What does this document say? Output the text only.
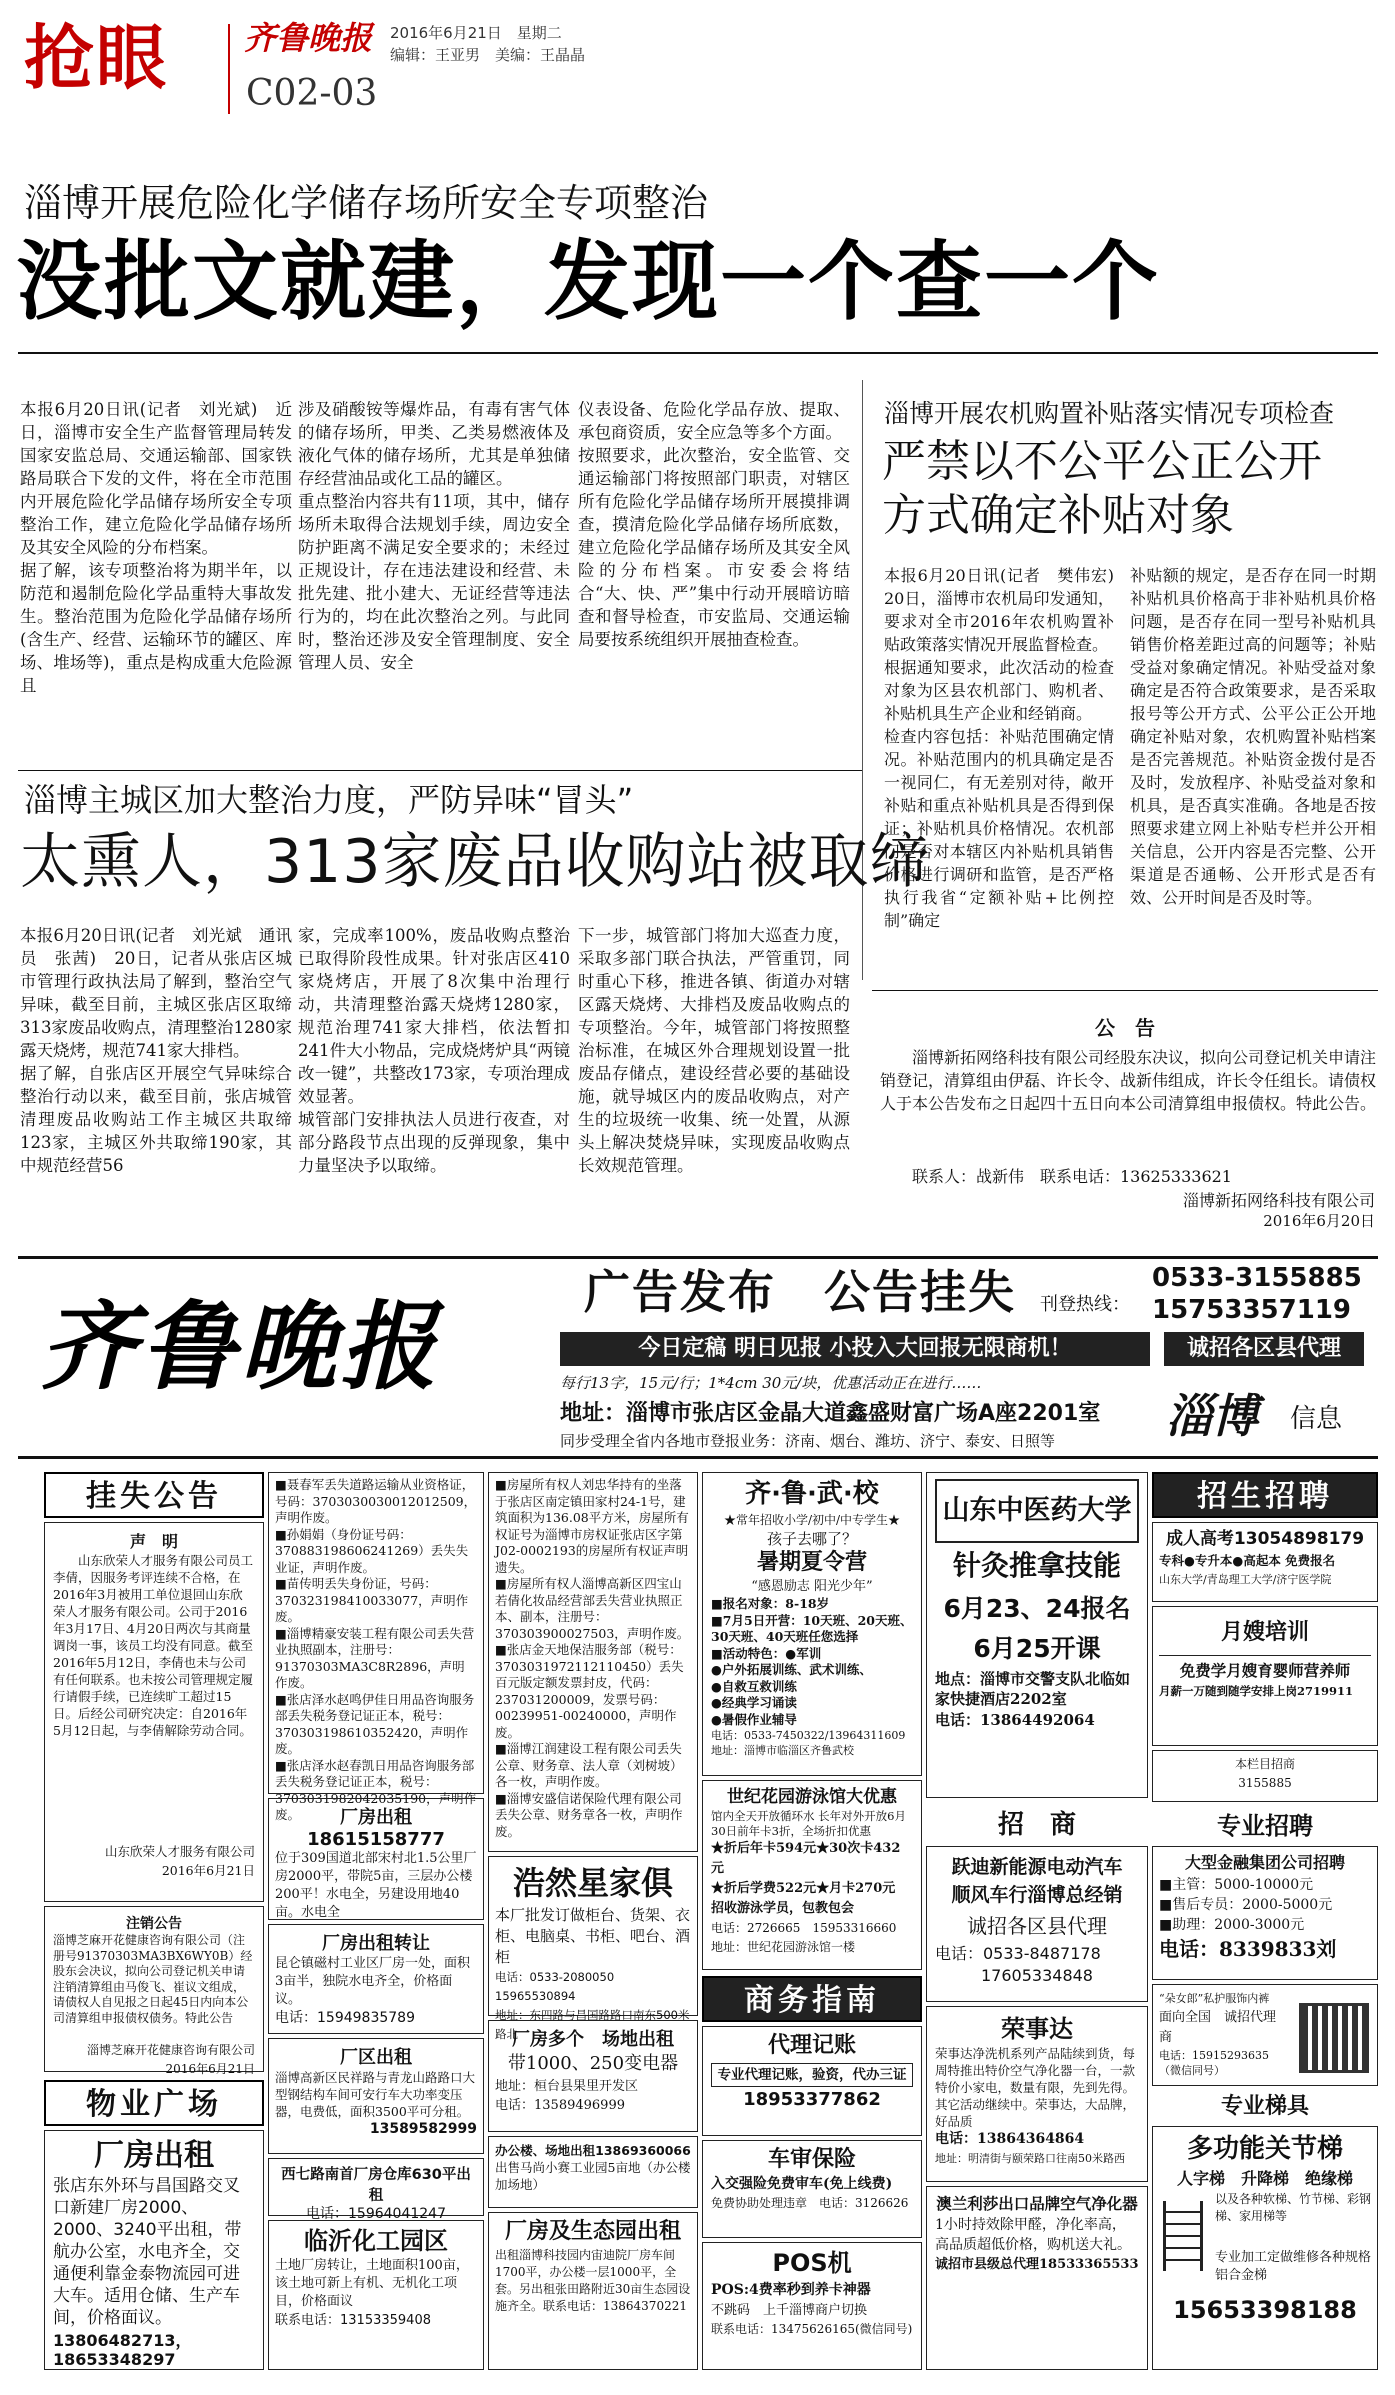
抢眼 齐鲁晚报 2016年6月21日　星期二
编辑：王亚男　美编：王晶晶
C02-03
淄博开展危险化学储存场所安全专项整治
没批文就建，发现一个查一个
本报6月20日讯(记者　刘光斌)　近日，淄博市安全生产监督管理局转发国家安监总局、交通运输部、国家铁路局联合下发的文件，将在全市范围内开展危险化学品储存场所安全专项整治工作，建立危险化学品储存场所及其安全风险的分布档案。
据了解，该专项整治将为期半年，以防范和遏制危险化学品重特大事故发生。整治范围为危险化学品储存场所(含生产、经营、运输环节的罐区、库场、堆场等)，重点是构成重大危险源且
涉及硝酸铵等爆炸品，有毒有害气体的储存场所，甲类、乙类易燃液体及液化气体的储存场所，尤其是单独储存经营油品或化工品的罐区。
重点整治内容共有11项，其中，储存场所未取得合法规划手续，周边安全防护距离不满足安全要求的；未经过正规设计，存在违法建设和经营、未批先建、批小建大、无证经营等违法行为的，均在此次整治之列。与此同时，整治还涉及安全管理制度、安全管理人员、安全
仪表设备、危险化学品存放、提取、承包商资质，安全应急等多个方面。
按照要求，此次整治，安全监管、交通运输部门将按照部门职责，对辖区所有危险化学品储存场所开展摸排调查，摸清危险化学品储存场所底数，建立危险化学品储存场所及其安全风险的分布档案。市安委会将结合“大、快、严”集中行动开展暗访暗查和督导检查，市安监局、交通运输局要按系统组织开展抽查检查。
淄博开展农机购置补贴落实情况专项检查
严禁以不公平公正公开
方式确定补贴对象
本报6月20日讯(记者　樊伟宏)　20日，淄博市农机局印发通知，要求对全市2016年农机购置补贴政策落实情况开展监督检查。
根据通知要求，此次活动的检查对象为区县农机部门、购机者、补贴机具生产企业和经销商。
检查内容包括：补贴范围确定情况。补贴范围内的机具确定是否一视同仁，有无差别对待，敞开补贴和重点补贴机具是否得到保证；补贴机具价格情况。农机部门是否对本辖区内补贴机具销售价格进行调研和监管，是否严格执行我省“定额补贴+比例控制”确定
补贴额的规定，是否存在同一时期补贴机具价格高于非补贴机具价格问题，是否存在同一型号补贴机具销售价格差距过高的问题等；补贴受益对象确定情况。补贴受益对象确定是否符合政策要求，是否采取报号等公开方式、公平公正公开地确定补贴对象，农机购置补贴档案是否完善规范。补贴资金拨付是否及时，发放程序、补贴受益对象和机具，是否真实准确。各地是否按照要求建立网上补贴专栏并公开相关信息，公开内容是否完整、公开渠道是否通畅、公开形式是否有效、公开时间是否及时等。
淄博主城区加大整治力度，严防异味“冒头”
太熏人，313家废品收购站被取缔
本报6月20日讯(记者　刘光斌　通讯员　张茜)　20日，记者从张店区城市管理行政执法局了解到，整治空气异味，截至目前，主城区张店区取缔313家废品收购点，清理整治1280家露天烧烤，规范741家大排档。
据了解，自张店区开展空气异味综合整治行动以来，截至目前，张店城管清理废品收购站工作主城区共取缔123家，主城区外共取缔190家，其中规范经营56
家，完成率100%，废品收购点整治已取得阶段性成果。针对张店区410家烧烤店，开展了8次集中治理行动，共清理整治露天烧烤1280家，规范治理741家大排档，依法暂扣241件大小物品，完成烧烤炉具“两镜改一键”，共整改173家，专项治理成效显著。
城管部门安排执法人员进行夜查，对部分路段节点出现的反弹现象，集中力量坚决予以取缔。
下一步，城管部门将加大巡查力度，采取多部门联合执法，严管重罚，同时重心下移，推进各镇、街道办对辖区露天烧烤、大排档及废品收购点的专项整治。今年，城管部门将按照整治标准，在城区外合理规划设置一批废品存储点，建设经营必要的基础设施，就导城区内的废品收购点，对产生的垃圾统一收集、统一处置，从源头上解决焚烧异味，实现废品收购点长效规范管理。
公　告
淄博新拓网络科技有限公司经股东决议，拟向公司登记机关申请注销登记，清算组由伊磊、许长令、战新伟组成，许长令任组长。请债权人于本公告发布之日起四十五日向本公司清算组申报债权。特此公告。
联系人：战新伟　联系电话：13625333621
淄博新拓网络科技有限公司
2016年6月20日
齐鲁晚报	广告发布　公告挂失 刊登热线：
0533-3155885
15753357119
今日定稿 明日见报 小投入大回报无限商机！	诚招各区县代理
每行13字，15元/行；1*4cm 30元/块，优惠活动正在进行……
地址：淄博市张店区金晶大道鑫盛财富广场A座2201室
同步受理全省内各地市登报业务：济南、烟台、潍坊、济宁、泰安、日照等 淄博 信息
挂失公告
声　明
山东欣荣人才服务有限公司员工李倩，因服务考评连续不合格，在2016年3月被用工单位退回山东欣荣人才服务有限公司。公司于2016年3月17日、4月20日两次与其商量调岗一事，该员工均没有同意。截至2016年5月12日，李倩也未与公司有任何联系。也未按公司管理规定履行请假手续，已连续旷工超过15日。后经公司研究决定：自2016年5月12日起，与李倩解除劳动合同。
山东欣荣人才服务有限公司
2016年6月21日
注销公告
淄博芝麻开花健康咨询有限公司（注册号91370303MA3BX6WY0B）经股东会决议，拟向公司登记机关申请注销清算组由马俊飞、崔议文组成，请债权人自见报之日起45日内向本公司清算组申报债权债务。特此公告
淄博芝麻开花健康咨询有限公司
2016年6月21日
物业广场
厂房出租
张店东外环与昌国路交叉口新建厂房2000、2000、3240平出租，带航办公室，水电齐全，交通便利靠金泰物流园可进大车。适用仓储、生产车间，价格面议。
13806482713，18653348297
■聂春军丢失道路运输从业资格证，号码：370303003001201250​9，声明作废。
■孙娟娟（身份证号码：370883198606241269）丢失失业证，声明作废。
■苗传明丢失身份证，号码：370323198410033077，声明作废。
■淄博精豪安装工程有限公司丢失营业执照副本，注册号：91370303MA3C8R2896，声明作废。
■张店泽水赵鸣伊佳日用品咨询服务部丢失税务登记证正本，税号：370303198610352420，声明作废。
■张店泽水赵春凯日用品咨询服务部丢失税务登记证正本，税号：370303198204203519​0，声明作废。	厂房出租 18615158777
位于309国道北部宋村北1.5公里厂房2000平，带院5亩，三层办公楼200平！水电全，另建设用地40亩。水电全
厂房出租转让
昆仑镇磁村工业区厂房一处，面积3亩半，独院水电齐全，价格面议。
电话：15949835789
厂区出租
淄博高新区民祥路与青龙山路路口大型钢结构车间可安行车大功率变压器，电费低，面积3500平可分租。
13589582999
西七路南首厂房仓库630平出租
电话：15964041247
临沂化工园区
土地厂房转让，土地面积100亩，该土地可新上有机、无机化工项目，价格面议
联系电话：13153359408
■房屋所有权人刘忠华持有的坐落于张店区南定镇田家村24-1号，建筑面积为136.08平方米，房屋所有权证号为淄博市房权证张店区字第J02-0002193的房屋所有权证声明遗失。
■房屋所有权人淄博高新区四宝山若倩化妆品经营部丢失营业执照正本、副本，注册号：370303900027503，声明作废。
■张店金天地保洁服务部（税号：370303197211211045​0）丢失百元版定额发票封皮，代码：237031200009，发票号码：00239951-00240000，声明作废。
■淄博江润建设工程有限公司丢失公章、财务章、法人章（刘树坡）各一枚，声明作废。
■淄博安盛信诺保险代理有限公司丢失公章、财务章各一枚，声明作废。
浩然星家俱
本厂批发订做柜台、货架、衣柜、电脑桌、书柜、吧台、酒柜
电话：0533-2080050　15965530894
地址：东四路与昌国路路口南东500米路北
厂房多个　场地出租
带1000、250变电器
地址：桓台县果里开发区
电话：13589496999
办公楼、场地出租13869360066
出售马尚小赛工业园5亩地（办公楼加场地）
厂房及生态园出租
出租淄博科技园内宙迪院厂房车间1700平，办公楼一层1000平，全套。另出租张田路附近30亩生态园设施齐全。联系电话：13864370221
齐·鲁·武·校
★常年招收小学/初中/中专学生★
孩子去哪了？
暑期夏令营
“感恩励志 阳光少年”
■报名对象：8-18岁
■7月5日开营：10天班、20天班、30天班、40天班任您选择
■活动特色：●军训
●户外拓展训练、武术训练、
●自救互救训练
●经典学习诵读
●暑假作业辅导
电话：0533-7450322/13964311609
地址：淄博市临淄区齐鲁武校
世纪花园游泳馆大优惠
馆内全天开放循环水 长年对外开放6月30日前年卡3折，全场折扣优惠
★折后年卡594元★30次卡432元
★折后学费522元★月卡270元
招收游泳学员，包教包会
电话：2726665　15953316660
地址：世纪花园游泳馆一楼
商务指南
代理记账
专业代理记账，验资，代办三证
18953377862
车审保险
入交强险免费审车(免上线费)
免费协助处理违章　电话：3126626
POS机
POS:4费率秒到养卡神器
不跳码　上千淄博商户切换
联系电话：13475626165(微信同号)
山东中医药大学
针灸推拿技能
6月23、24报名
6月25开课
地点：淄博市交警支队北临如家快捷酒店2202室
电话：13864492064
招　商
跃迪新能源电动汽车
顺风车行淄博总经销
诚招各区县代理
电话：0533-8487178
17605334848
荣事达
荣事达净洗机系列产品陆续到货，每周特推出特价空气净化器一台，一款特价小家电，数量有限，先到先得。其它活动继续中。荣事达，大品牌，好品质
电话：13864364864
地址：明清街与颐荣路口往南50米路西
澳兰利莎出口品牌空气净化器
1小时持效除甲醛，净化率高，高品质超低价格，购机送大礼。
诚招市县级总代理18533365533
招生招聘
成人高考13054898179
专科●专升本●高起本 免费报名
山东大学/青岛理工大学/济宁医学院
月嫂培训
免费学月嫂育婴师营养师
月薪一万随到随学安排上岗2719911
本栏目招商
3155885
专业招聘
大型金融集团公司招聘
■主管：5000-10000元
■售后专员：2000-5000元
■助理：2000-3000元
电话：8339833刘
“朵女郎”私护服饰内裤
面向全国　诚招代理商
电话：15915293635（微信同号）
专业梯具
多功能关节梯
人字梯　升降梯　绝缘梯
以及各种软梯、竹节梯、彩钢梯、家用梯等
专业加工定做维修各种规格铝合金梯
15653398188
